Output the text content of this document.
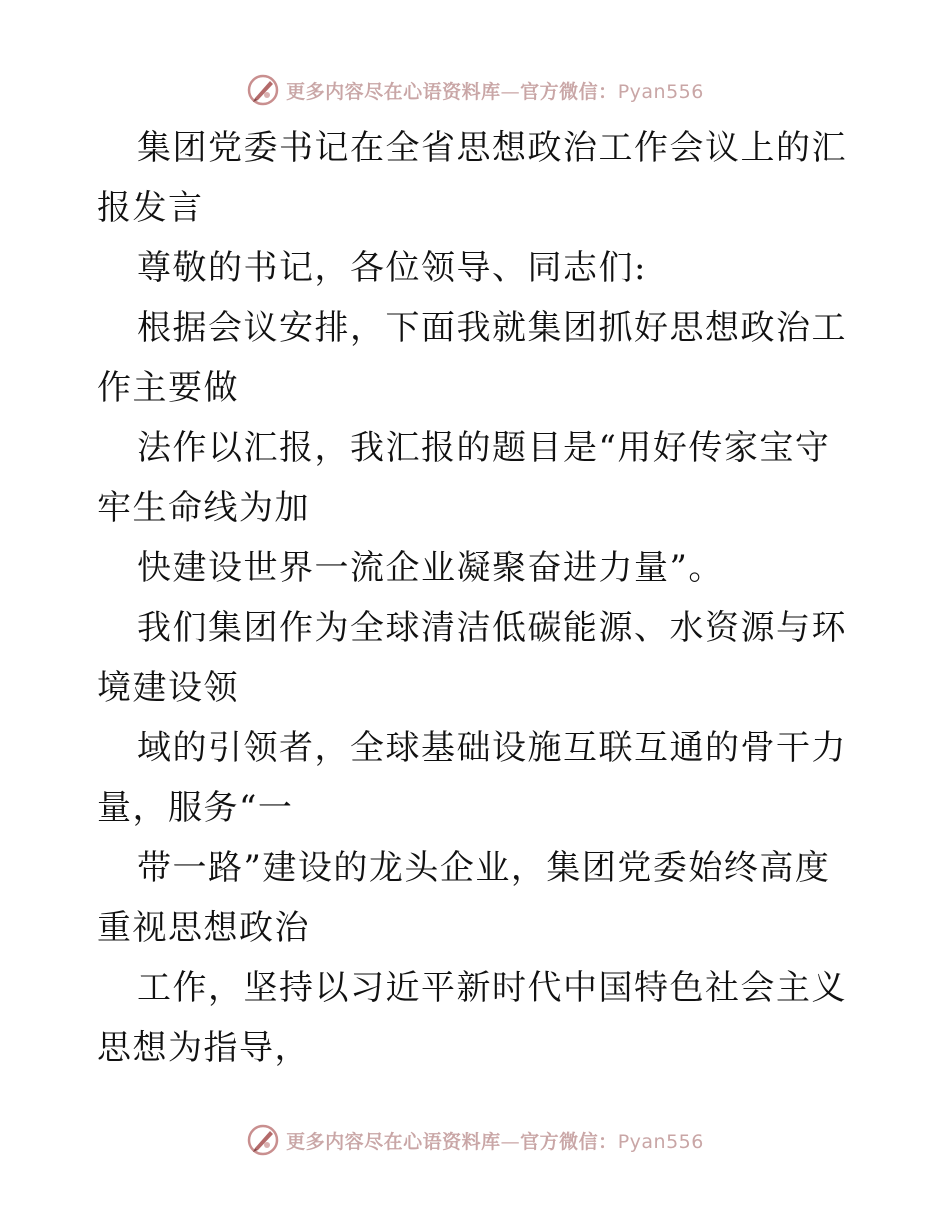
更多内容尽在心语资料库—官方微信：Pyan556

集团党委书记在全省思想政治工作会议上的汇报发言

尊敬的书记，各位领导、同志们:

根据会议安排，下面我就集团抓好思想政治工作主要做

法作以汇报，我汇报的题目是“用好传家宝守牢生命线为加

快建设世界一流企业凝聚奋进力量”。

我们集团作为全球清洁低碳能源、水资源与环境建设领

域的引领者，全球基础设施互联互通的骨干力量，服务“一

带一路”建设的龙头企业，集团党委始终高度重视思想政治

工作，坚持以习近平新时代中国特色社会主义思想为指导，

更多内容尽在心语资料库—官方微信：Pyan556
